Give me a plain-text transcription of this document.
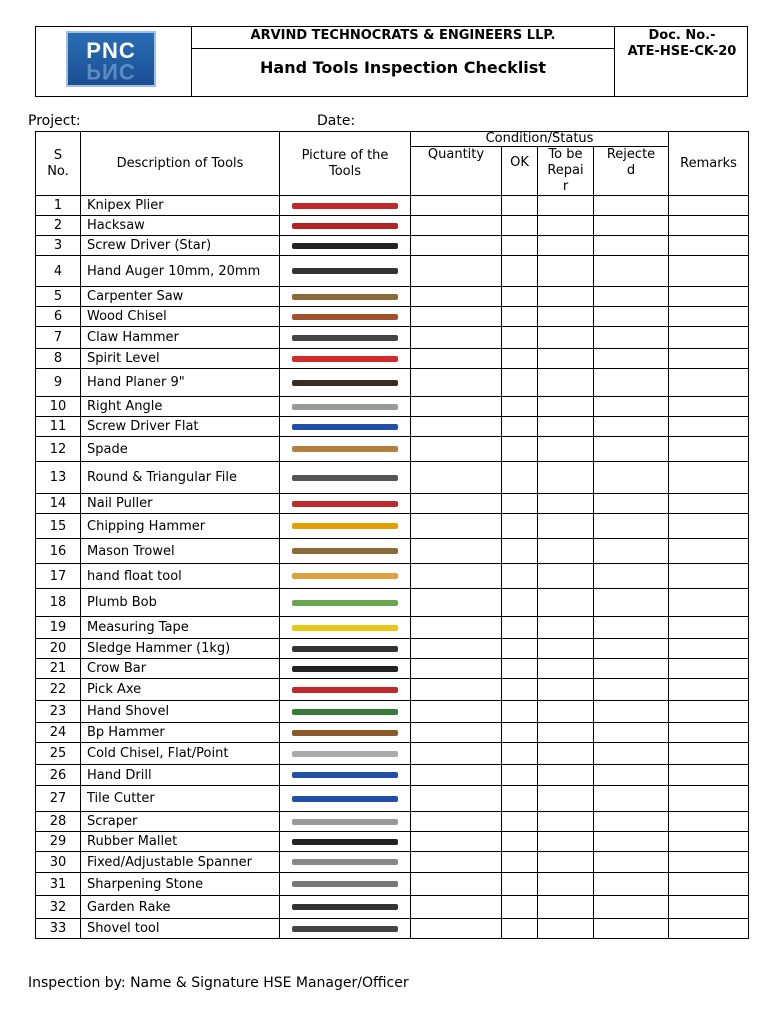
PNC
PNC
ARVIND TECHNOCRATS & ENGINEERS LLP.
Hand Tools Inspection Checklist
Doc. No.-
ATE-HSE-CK-20
Project:	Date:
S No.	Description of Tools	Picture of the Tools	Condition/Status				Remarks
			Quantity	OK	To be Repair	Rejected	
1	Knipex Plier	

2	Hacksaw	

3	Screw Driver (Star)	

4	Hand Auger 10mm, 20mm	

5	Carpenter Saw	

6	Wood Chisel	

7	Claw Hammer	

8	Spirit Level	

9	Hand Planer 9"	

10	Right Angle	

11	Screw Driver Flat	

12	Spade	

13	Round & Triangular File	

14	Nail Puller	

15	Chipping Hammer	

16	Mason Trowel	

17	hand float tool	

18	Plumb Bob	

19	Measuring Tape	

20	Sledge Hammer (1kg)	

21	Crow Bar	

22	Pick Axe	

23	Hand Shovel	

24	Bp Hammer	

25	Cold Chisel, Flat/Point	

26	Hand Drill	

27	Tile Cutter	

28	Scraper	

29	Rubber Mallet	

30	Fixed/Adjustable Spanner	

31	Sharpening Stone	

32	Garden Rake	

33	Shovel tool	

Inspection by: Name & Signature HSE Manager/Officer
